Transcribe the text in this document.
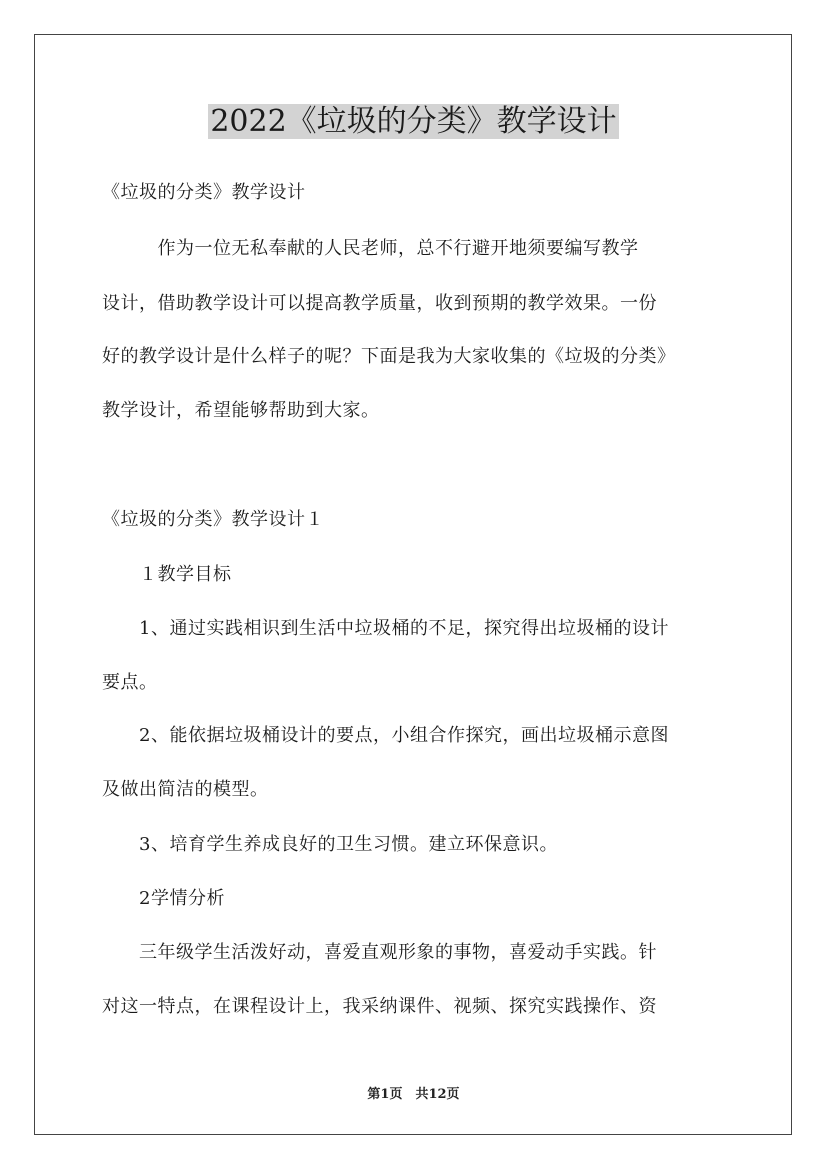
2022《垃圾的分类》教学设计
《垃圾的分类》教学设计
　　　作为一位无私奉献的人民老师，总不行避开地须要编写教学
设计，借助教学设计可以提高教学质量，收到预期的教学效果。一份
好的教学设计是什么样子的呢？下面是我为大家收集的《垃圾的分类》
教学设计，希望能够帮助到大家。
《垃圾的分类》教学设计１
　　１教学目标
　　1、通过实践相识到生活中垃圾桶的不足，探究得出垃圾桶的设计
要点。
　　2、能依据垃圾桶设计的要点，小组合作探究，画出垃圾桶示意图
及做出简洁的模型。
　　3、培育学生养成良好的卫生习惯。建立环保意识。
　　2学情分析
　　三年级学生活泼好动，喜爱直观形象的事物，喜爱动手实践。针
对这一特点，在课程设计上，我采纳课件、视频、探究实践操作、资
第1页　共12页
